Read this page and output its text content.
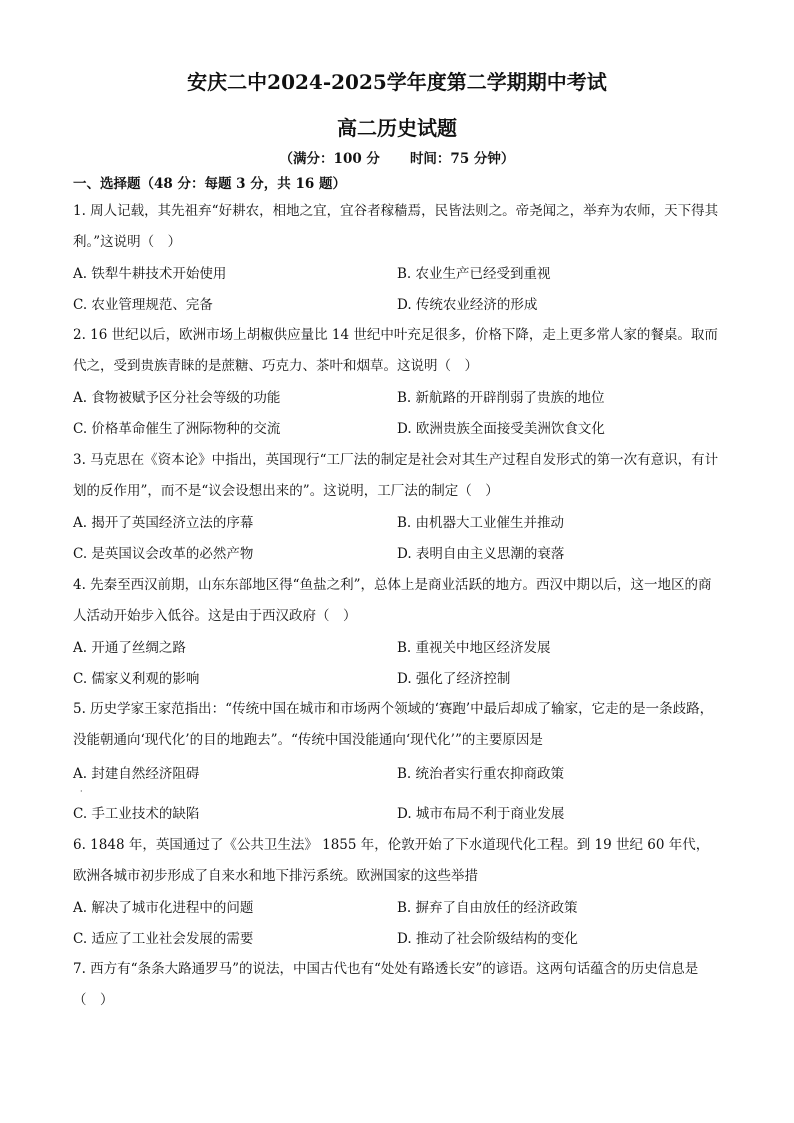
安庆二中2024-2025学年度第二学期期中考试
高二历史试题
（满分：100 分 时间：75 分钟）
一、选择题（48 分：每题 3 分，共 16 题）
1. 周人记载，其先祖弃“好耕农，相地之宜，宜谷者稼穑焉，民皆法则之。帝尧闻之，举弃为农师，天下得其利。”这说明（　）
A. 铁犁牛耕技术开始使用	B. 农业生产已经受到重视
C. 农业管理规范、完备	D. 传统农业经济的形成
2. 16 世纪以后，欧洲市场上胡椒供应量比 14 世纪中叶充足很多，价格下降，走上更多常人家的餐桌。取而代之，受到贵族青睐的是蔗糖、巧克力、茶叶和烟草。这说明（　）
A. 食物被赋予区分社会等级的功能	B. 新航路的开辟削弱了贵族的地位
C. 价格革命催生了洲际物种的交流	D. 欧洲贵族全面接受美洲饮食文化
3. 马克思在《资本论》中指出，英国现行“工厂法的制定是社会对其生产过程自发形式的第一次有意识，有计划的反作用”，而不是“议会设想出来的”。这说明，工厂法的制定（　）
A. 揭开了英国经济立法的序幕	B. 由机器大工业催生并推动
C. 是英国议会改革的必然产物	D. 表明自由主义思潮的衰落
4. 先秦至西汉前期，山东东部地区得“鱼盐之利”，总体上是商业活跃的地方。西汉中期以后，这一地区的商人活动开始步入低谷。这是由于西汉政府（　）
A. 开通了丝绸之路	B. 重视关中地区经济发展
C. 儒家义利观的影响	D. 强化了经济控制
5. 历史学家王家范指出：“传统中国在城市和市场两个领域的‘赛跑’中最后却成了输家，它走的是一条歧路，没能朝通向‘现代化’的目的地跑去”。“传统中国没能通向‘现代化’”的主要原因是
A. 封建自然经济阻碍	B. 统治者实行重农抑商政策
·
C. 手工业技术的缺陷	D. 城市布局不利于商业发展
6. 1848 年，英国通过了《公共卫生法》 1855 年，伦敦开始了下水道现代化工程。到 19 世纪 60 年代，欧洲各城市初步形成了自来水和地下排污系统。欧洲国家的这些举措
A. 解决了城市化进程中的问题	B. 摒弃了自由放任的经济政策
C. 适应了工业社会发展的需要	D. 推动了社会阶级结构的变化
7. 西方有“条条大路通罗马”的说法，中国古代也有“处处有路透长安”的谚语。这两句话蕴含的历史信息是（　）
